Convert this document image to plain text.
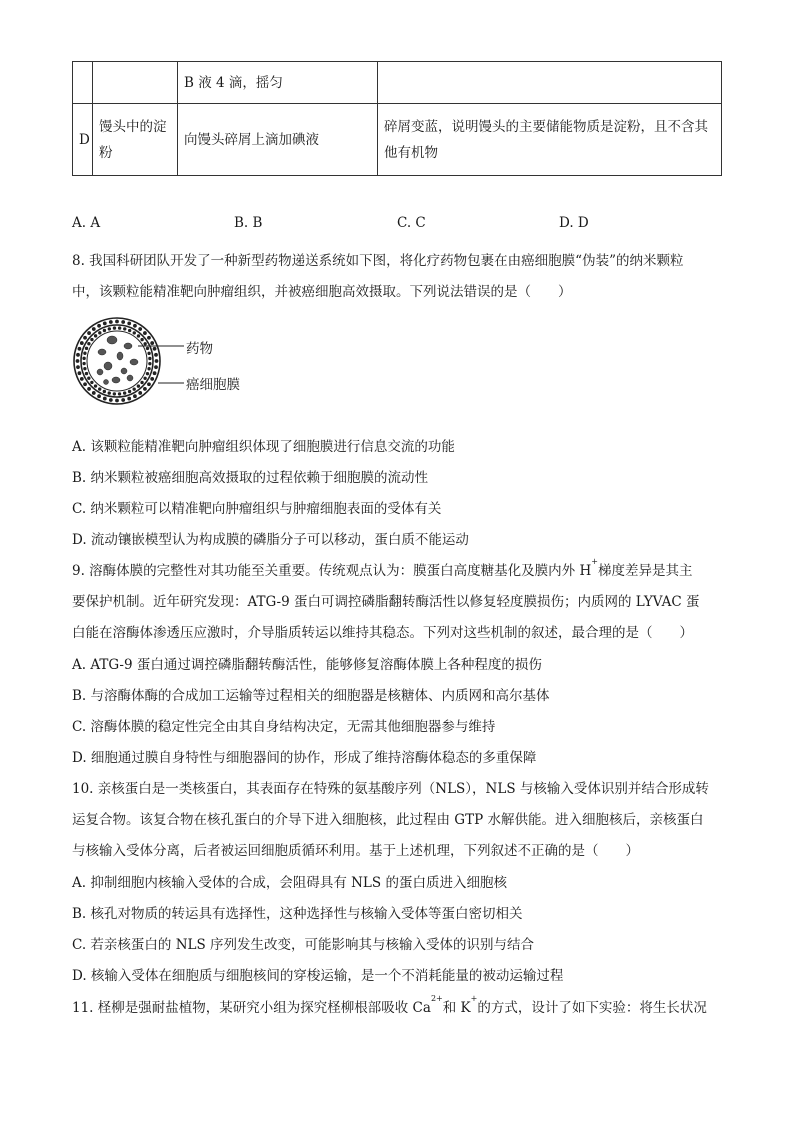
		B 液 4 滴，摇匀	
D	馒头中的淀粉	向馒头碎屑上滴加碘液	碎屑变蓝，说明馒头的主要储能物质是淀粉，且不含其他有机物
A. A	B. B	C. C	D. D
8. 我国科研团队开发了一种新型药物递送系统如下图，将化疗药物包裹在由癌细胞膜“伪装”的纳米颗粒
中，该颗粒能精准靶向肿瘤组织，并被癌细胞高效摄取。下列说法错误的是（　　）
药物
癌细胞膜
A. 该颗粒能精准靶向肿瘤组织体现了细胞膜进行信息交流的功能
B. 纳米颗粒被癌细胞高效摄取的过程依赖于细胞膜的流动性
C. 纳米颗粒可以精准靶向肿瘤组织与肿瘤细胞表面的受体有关
D. 流动镶嵌模型认为构成膜的磷脂分子可以移动，蛋白质不能运动
9. 溶酶体膜的完整性对其功能至关重要。传统观点认为：膜蛋白高度糖基化及膜内外 H+梯度差异是其主
要保护机制。近年研究发现：ATG-9 蛋白可调控磷脂翻转酶活性以修复轻度膜损伤；内质网的 LYVAC 蛋
白能在溶酶体渗透压应激时，介导脂质转运以维持其稳态。下列对这些机制的叙述，最合理的是（　　）
A. ATG-9 蛋白通过调控磷脂翻转酶活性，能够修复溶酶体膜上各种程度的损伤
B. 与溶酶体酶的合成加工运输等过程相关的细胞器是核糖体、内质网和高尔基体
C. 溶酶体膜的稳定性完全由其自身结构决定，无需其他细胞器参与维持
D. 细胞通过膜自身特性与细胞器间的协作，形成了维持溶酶体稳态的多重保障
10. 亲核蛋白是一类核蛋白，其表面存在特殊的氨基酸序列（NLS），NLS 与核输入受体识别并结合形成转
运复合物。该复合物在核孔蛋白的介导下进入细胞核，此过程由 GTP 水解供能。进入细胞核后，亲核蛋白
与核输入受体分离，后者被运回细胞质循环利用。基于上述机理，下列叙述不正确的是（　　）
A. 抑制细胞内核输入受体的合成，会阻碍具有 NLS 的蛋白质进入细胞核
B. 核孔对物质的转运具有选择性，这种选择性与核输入受体等蛋白密切相关
C. 若亲核蛋白的 NLS 序列发生改变，可能影响其与核输入受体的识别与结合
D. 核输入受体在细胞质与细胞核间的穿梭运输，是一个不消耗能量的被动运输过程
11. 柽柳是强耐盐植物，某研究小组为探究柽柳根部吸收 $Ca^{2+}$和 K+的方式，设计了如下实验：将生长状况
